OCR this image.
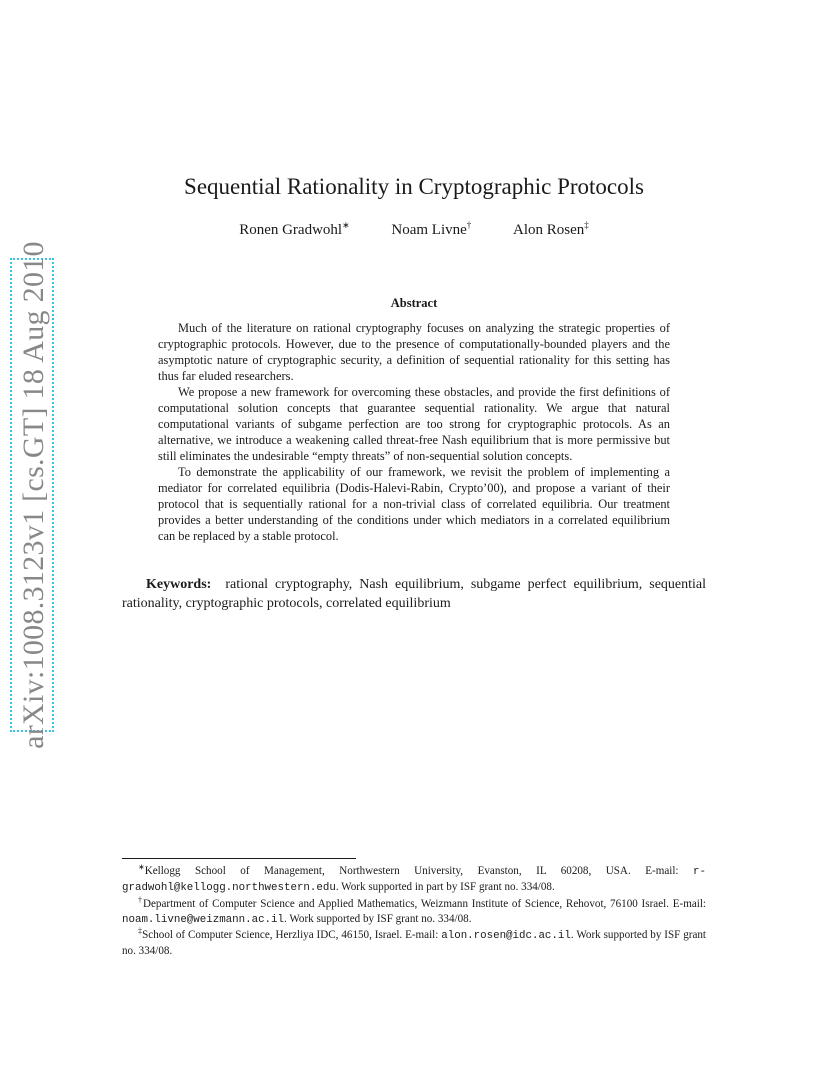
arXiv:1008.3123v1 [cs.GT] 18 Aug 2010
Sequential Rationality in Cryptographic Protocols
Ronen Gradwohl∗	Noam Livne†	Alon Rosen‡
Abstract

Much of the literature on rational cryptography focuses on analyzing the strategic properties of cryptographic protocols. However, due to the presence of computationally-bounded players and the asymptotic nature of cryptographic security, a definition of sequential rationality for this setting has thus far eluded researchers.

We propose a new framework for overcoming these obstacles, and provide the first definitions of computational solution concepts that guarantee sequential rationality. We argue that natural computational variants of subgame perfection are too strong for cryptographic protocols. As an alternative, we introduce a weakening called threat-free Nash equilibrium that is more permissive but still eliminates the undesirable “empty threats” of non-sequential solution concepts.

To demonstrate the applicability of our framework, we revisit the problem of implementing a mediator for correlated equilibria (Dodis-Halevi-Rabin, Crypto’00), and propose a variant of their protocol that is sequentially rational for a non-trivial class of correlated equilibria. Our treatment provides a better understanding of the conditions under which mediators in a correlated equilibrium can be replaced by a stable protocol.

Keywords: rational cryptography, Nash equilibrium, subgame perfect equilibrium, sequential rationality, cryptographic protocols, correlated equilibrium

∗Kellogg School of Management, Northwestern University, Evanston, IL 60208, USA. E-mail: r-gradwohl@kellogg.northwestern.edu. Work supported in part by ISF grant no. 334/08.

†Department of Computer Science and Applied Mathematics, Weizmann Institute of Science, Rehovot, 76100 Israel. E-mail: noam.livne@weizmann.ac.il. Work supported by ISF grant no. 334/08.

‡School of Computer Science, Herzliya IDC, 46150, Israel. E-mail: alon.rosen@idc.ac.il. Work supported by ISF grant no. 334/08.
